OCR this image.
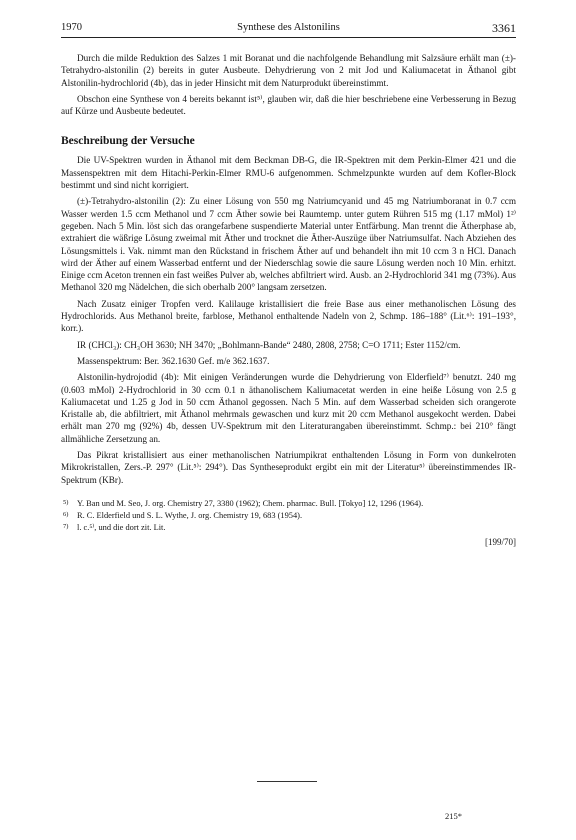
1970	Synthese des Alstonilins	3361

Durch die milde Reduktion des Salzes 1 mit Boranat und die nachfolgende Behandlung mit Salzsäure erhält man (±)-Tetrahydro-alstonilin (2) bereits in guter Ausbeute. Dehydrierung von 2 mit Jod und Kaliumacetat in Äthanol gibt Alstonilin-hydrochlorid (4b), das in jeder Hinsicht mit dem Naturprodukt übereinstimmt.

Obschon eine Synthese von 4 bereits bekannt ist⁵⁾, glauben wir, daß die hier beschriebene eine Verbesserung in Bezug auf Kürze und Ausbeute bedeutet.

Beschreibung der Versuche

Die UV-Spektren wurden in Äthanol mit dem Beckman DB-G, die IR-Spektren mit dem Perkin-Elmer 421 und die Massenspektren mit dem Hitachi-Perkin-Elmer RMU-6 aufgenommen. Schmelzpunkte wurden auf dem Kofler-Block bestimmt und sind nicht korrigiert.

(±)-Tetrahydro-alstonilin (2): Zu einer Lösung von 550 mg Natriumcyanid und 45 mg Natriumboranat in 0.7 ccm Wasser werden 1.5 ccm Methanol und 7 ccm Äther sowie bei Raumtemp. unter gutem Rühren 515 mg (1.17 mMol) 1²⁾ gegeben. Nach 5 Min. löst sich das orangefarbene suspendierte Material unter Entfärbung. Man trennt die Ätherphase ab, extrahiert die wäßrige Lösung zweimal mit Äther und trocknet die Äther-Auszüge über Natriumsulfat. Nach Abziehen des Lösungsmittels i. Vak. nimmt man den Rückstand in frischem Äther auf und behandelt ihn mit 10 ccm 3 n HCl. Danach wird der Äther auf einem Wasserbad entfernt und der Niederschlag sowie die saure Lösung werden noch 10 Min. erhitzt. Einige ccm Aceton trennen ein fast weißes Pulver ab, welches abfiltriert wird. Ausb. an 2-Hydrochlorid 341 mg (73%). Aus Methanol 320 mg Nädelchen, die sich oberhalb 200° langsam zersetzen.

Nach Zusatz einiger Tropfen verd. Kalilauge kristallisiert die freie Base aus einer methanolischen Lösung des Hydrochlorids. Aus Methanol breite, farblose, Methanol enthaltende Nadeln von 2, Schmp. 186–188° (Lit.⁶⁾: 191–193°, korr.).

IR (CHCl₃): CH₃OH 3630; NH 3470; „Bohlmann-Bande“ 2480, 2808, 2758; C=O 1711; Ester 1152/cm.

Massenspektrum: Ber. 362.1630 Gef. m/e 362.1637.

Alstonilin-hydrojodid (4b): Mit einigen Veränderungen wurde die Dehydrierung von Elderfield⁷⁾ benutzt. 240 mg (0.603 mMol) 2-Hydrochlorid in 30 ccm 0.1 n äthanolischem Kaliumacetat werden in eine heiße Lösung von 2.5 g Kaliumacetat und 1.25 g Jod in 50 ccm Äthanol gegossen. Nach 5 Min. auf dem Wasserbad scheiden sich orangerote Kristalle ab, die abfiltriert, mit Äthanol mehrmals gewaschen und kurz mit 20 ccm Methanol ausgekocht werden. Dabei erhält man 270 mg (92%) 4b, dessen UV-Spektrum mit den Literaturangaben übereinstimmt. Schmp.: bei 210° fängt allmähliche Zersetzung an.

Das Pikrat kristallisiert aus einer methanolischen Natriumpikrat enthaltenden Lösung in Form von dunkelroten Mikrokristallen, Zers.-P. 297° (Lit.⁵⁾: 294°). Das Syntheseprodukt ergibt ein mit der Literatur⁵⁾ übereinstimmendes IR-Spektrum (KBr).

5) Y. Ban und M. Seo, J. org. Chemistry 27, 3380 (1962); Chem. pharmac. Bull. [Tokyo] 12, 1296 (1964).
6) R. C. Elderfield und S. L. Wythe, J. org. Chemistry 19, 683 (1954).
7) l. c.⁵⁾, und die dort zit. Lit.
[199/70]
215*
